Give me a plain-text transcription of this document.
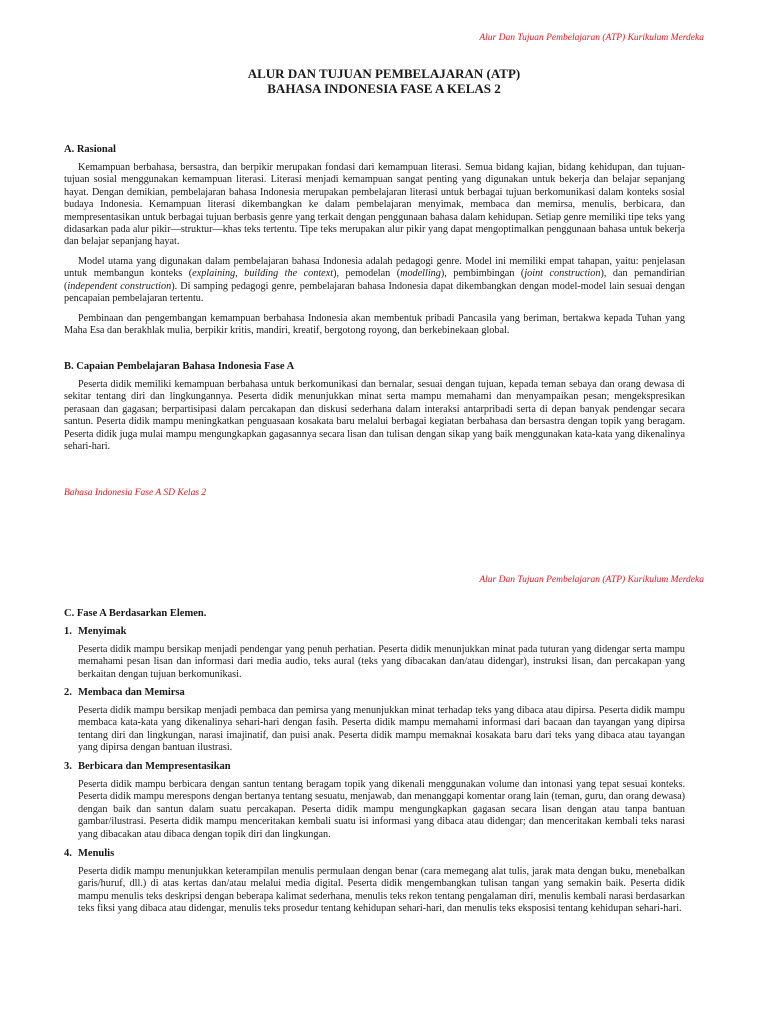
Alur Dan Tujuan Pembelajaran (ATP) Kurikulum Merdeka
ALUR DAN TUJUAN PEMBELAJARAN (ATP)
BAHASA INDONESIA FASE A KELAS 2
A. Rasional
Kemampuan berbahasa, bersastra, dan berpikir merupakan fondasi dari kemampuan literasi. Semua bidang kajian, bidang kehidupan, dan tujuan-tujuan sosial menggunakan kemampuan literasi. Literasi menjadi kemampuan sangat penting yang digunakan untuk bekerja dan belajar sepanjang hayat. Dengan demikian, pembelajaran bahasa Indonesia merupakan pembelajaran literasi untuk berbagai tujuan berkomunikasi dalam konteks sosial budaya Indonesia. Kemampuan literasi dikembangkan ke dalam pembelajaran menyimak, membaca dan memirsa, menulis, berbicara, dan mempresentasikan untuk berbagai tujuan berbasis genre yang terkait dengan penggunaan bahasa dalam kehidupan. Setiap genre memiliki tipe teks yang didasarkan pada alur pikir—struktur—khas teks tertentu. Tipe teks merupakan alur pikir yang dapat mengoptimalkan penggunaan bahasa untuk bekerja dan belajar sepanjang hayat.
Model utama yang digunakan dalam pembelajaran bahasa Indonesia adalah pedagogi genre. Model ini memiliki empat tahapan, yaitu: penjelasan untuk membangun konteks (explaining, building the context), pemodelan (modelling), pembimbingan (joint construction), dan pemandirian (independent construction). Di samping pedagogi genre, pembelajaran bahasa Indonesia dapat dikembangkan dengan model-model lain sesuai dengan pencapaian pembelajaran tertentu.
Pembinaan dan pengembangan kemampuan berbahasa Indonesia akan membentuk pribadi Pancasila yang beriman, bertakwa kepada Tuhan yang Maha Esa dan berakhlak mulia, berpikir kritis, mandiri, kreatif, bergotong royong, dan berkebinekaan global.
B. Capaian Pembelajaran Bahasa Indonesia Fase A
Peserta didik memiliki kemampuan berbahasa untuk berkomunikasi dan bernalar, sesuai dengan tujuan, kepada teman sebaya dan orang dewasa di sekitar tentang diri dan lingkungannya. Peserta didik menunjukkan minat serta mampu memahami dan menyampaikan pesan; mengekspresikan perasaan dan gagasan; berpartisipasi dalam percakapan dan diskusi sederhana dalam interaksi antarpribadi serta di depan banyak pendengar secara santun. Peserta didik mampu meningkatkan penguasaan kosakata baru melalui berbagai kegiatan berbahasa dan bersastra dengan topik yang beragam. Peserta didik juga mulai mampu mengungkapkan gagasannya secara lisan dan tulisan dengan sikap yang baik menggunakan kata-kata yang dikenalinya sehari-hari.
Bahasa Indonesia Fase A SD Kelas 2
Alur Dan Tujuan Pembelajaran (ATP) Kurikulum Merdeka
C. Fase A Berdasarkan Elemen.
1. Menyimak
Peserta didik mampu bersikap menjadi pendengar yang penuh perhatian. Peserta didik menunjukkan minat pada tuturan yang didengar serta mampu memahami pesan lisan dan informasi dari media audio, teks aural (teks yang dibacakan dan/atau didengar), instruksi lisan, dan percakapan yang berkaitan dengan tujuan berkomunikasi.
2. Membaca dan Memirsa
Peserta didik mampu bersikap menjadi pembaca dan pemirsa yang menunjukkan minat terhadap teks yang dibaca atau dipirsa. Peserta didik mampu membaca kata-kata yang dikenalinya sehari-hari dengan fasih. Peserta didik mampu memahami informasi dari bacaan dan tayangan yang dipirsa tentang diri dan lingkungan, narasi imajinatif, dan puisi anak. Peserta didik mampu memaknai kosakata baru dari teks yang dibaca atau tayangan yang dipirsa dengan bantuan ilustrasi.
3. Berbicara dan Mempresentasikan
Peserta didik mampu berbicara dengan santun tentang beragam topik yang dikenali menggunakan volume dan intonasi yang tepat sesuai konteks. Peserta didik mampu merespons dengan bertanya tentang sesuatu, menjawab, dan menanggapi komentar orang lain (teman, guru, dan orang dewasa) dengan baik dan santun dalam suatu percakapan. Peserta didik mampu mengungkapkan gagasan secara lisan dengan atau tanpa bantuan gambar/ilustrasi. Peserta didik mampu menceritakan kembali suatu isi informasi yang dibaca atau didengar; dan menceritakan kembali teks narasi yang dibacakan atau dibaca dengan topik diri dan lingkungan.
4. Menulis
Peserta didik mampu menunjukkan keterampilan menulis permulaan dengan benar (cara memegang alat tulis, jarak mata dengan buku, menebalkan garis/huruf, dll.) di atas kertas dan/atau melalui media digital. Peserta didik mengembangkan tulisan tangan yang semakin baik. Peserta didik mampu menulis teks deskripsi dengan beberapa kalimat sederhana, menulis teks rekon tentang pengalaman diri, menulis kembali narasi berdasarkan teks fiksi yang dibaca atau didengar, menulis teks prosedur tentang kehidupan sehari-hari, dan menulis teks eksposisi tentang kehidupan sehari-hari.
